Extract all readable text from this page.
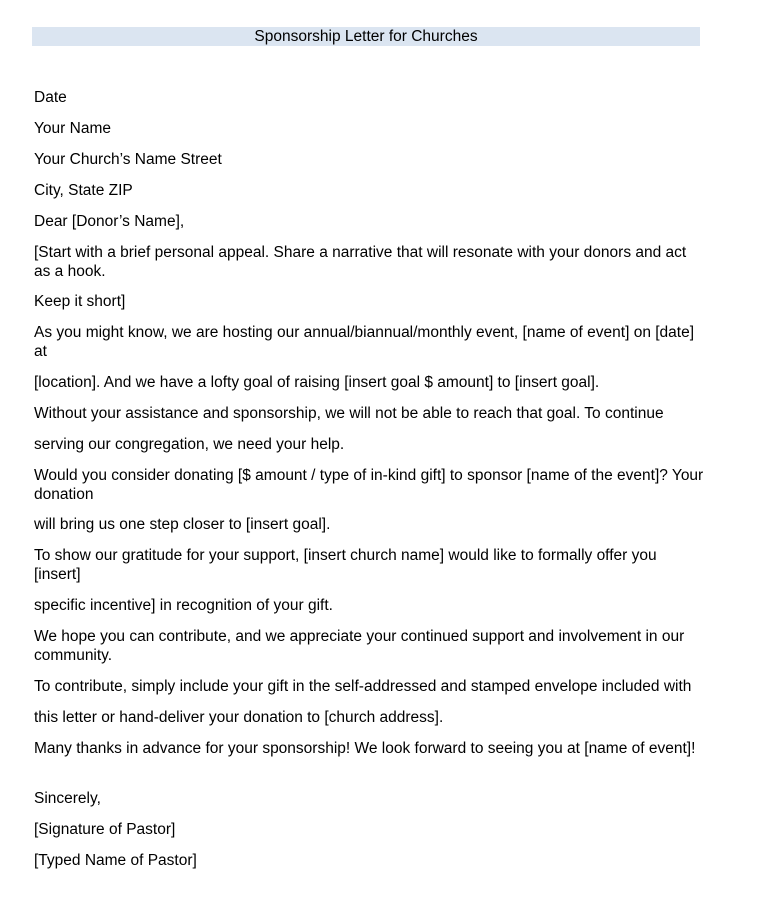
Sponsorship Letter for Churches
Date
Your Name
Your Church’s Name Street
City, State ZIP
Dear [Donor’s Name],
[Start with a brief personal appeal. Share a narrative that will resonate with your donors and act as a hook.
Keep it short]
As you might know, we are hosting our annual/biannual/monthly event, [name of event] on [date] at
[location]. And we have a lofty goal of raising [insert goal $ amount] to [insert goal].
Without your assistance and sponsorship, we will not be able to reach that goal. To continue
serving our congregation, we need your help.
Would you consider donating [$ amount / type of in-kind gift] to sponsor [name of the event]? Your donation
will bring us one step closer to [insert goal].
To show our gratitude for your support, [insert church name] would like to formally offer you [insert]
specific incentive] in recognition of your gift.
We hope you can contribute, and we appreciate your continued support and involvement in our community.
To contribute, simply include your gift in the self-addressed and stamped envelope included with
this letter or hand-deliver your donation to [church address].
Many thanks in advance for your sponsorship! We look forward to seeing you at [name of event]!
Sincerely,
[Signature of Pastor]
[Typed Name of Pastor]
